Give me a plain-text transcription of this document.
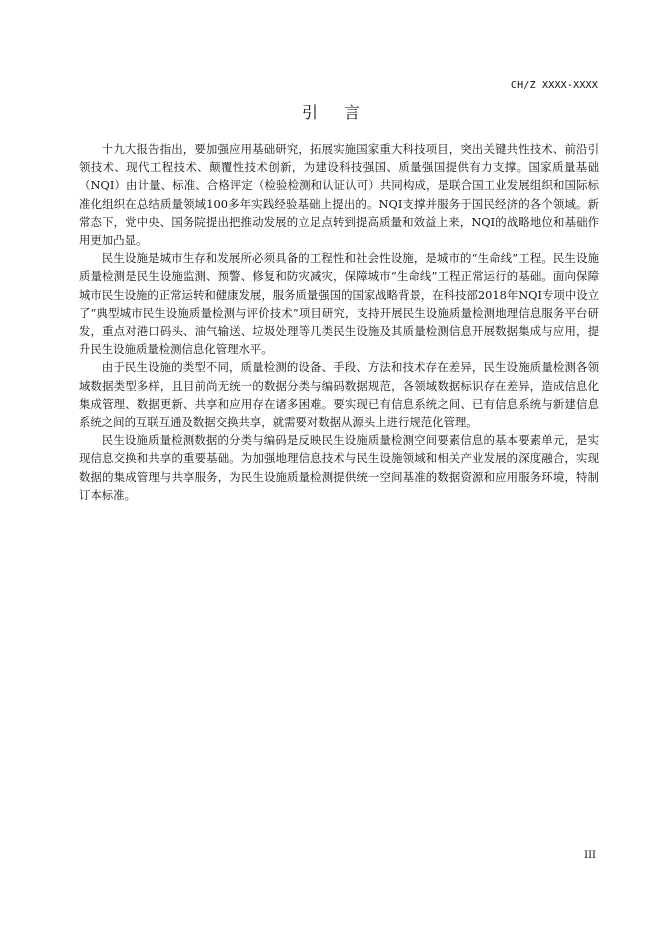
CH/Z XXXX-XXXX
引言

十九大报告指出，要加强应用基础研究，拓展实施国家重大科技项目，突出关键共性技术、前沿引领技术、现代工程技术、颠覆性技术创新，为建设科技强国、质量强国提供有力支撑。国家质量基础（NQI）由计量、标准、合格评定（检验检测和认证认可）共同构成，是联合国工业发展组织和国际标准化组织在总结质量领域100多年实践经验基础上提出的。NQI支撑并服务于国民经济的各个领域。新常态下，党中央、国务院提出把推动发展的立足点转到提高质量和效益上来，NQI的战略地位和基础作用更加凸显。

民生设施是城市生存和发展所必须具备的工程性和社会性设施，是城市的“生命线”工程。民生设施质量检测是民生设施监测、预警、修复和防灾减灾，保障城市“生命线”工程正常运行的基础。面向保障城市民生设施的正常运转和健康发展，服务质量强国的国家战略背景，在科技部2018年NQI专项中设立了“典型城市民生设施质量检测与评价技术”项目研究，支持开展民生设施质量检测地理信息服务平台研发，重点对港口码头、油气输送、垃圾处理等几类民生设施及其质量检测信息开展数据集成与应用，提升民生设施质量检测信息化管理水平。

由于民生设施的类型不同，质量检测的设备、手段、方法和技术存在差异，民生设施质量检测各领域数据类型多样，且目前尚无统一的数据分类与编码数据规范，各领域数据标识存在差异，造成信息化集成管理、数据更新、共享和应用存在诸多困难。要实现已有信息系统之间、已有信息系统与新建信息系统之间的互联互通及数据交换共享，就需要对数据从源头上进行规范化管理。

民生设施质量检测数据的分类与编码是反映民生设施质量检测空间要素信息的基本要素单元，是实现信息交换和共享的重要基础。为加强地理信息技术与民生设施领域和相关产业发展的深度融合，实现数据的集成管理与共享服务，为民生设施质量检测提供统一空间基准的数据资源和应用服务环境，特制订本标准。

III
